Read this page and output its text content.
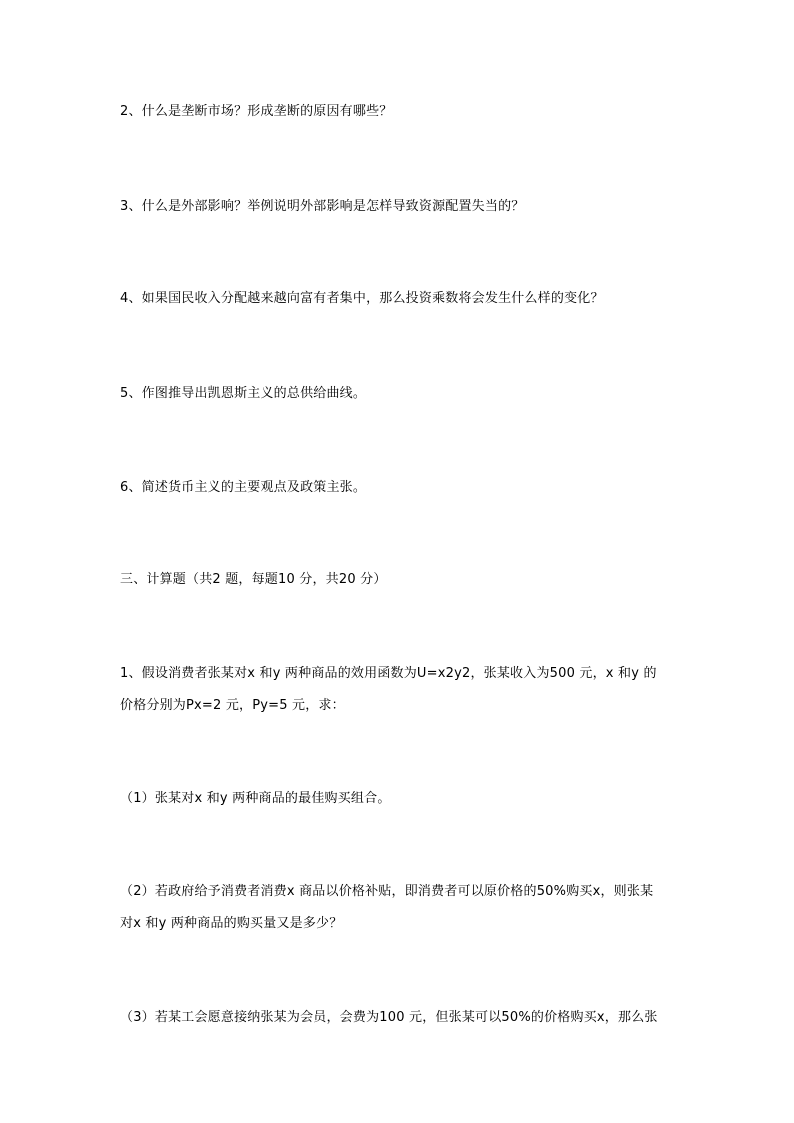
2、什么是垄断市场？形成垄断的原因有哪些？
3、什么是外部影响？举例说明外部影响是怎样导致资源配置失当的？
4、如果国民收入分配越来越向富有者集中，那么投资乘数将会发生什么样的变化？
5、作图推导出凯恩斯主义的总供给曲线。
6、简述货币主义的主要观点及政策主张。
三、计算题（共2 题，每题10 分，共20 分）
1、假设消费者张某对x 和y 两种商品的效用函数为U=x2y2，张某收入为500 元，x 和y 的
价格分别为Px=2 元，Py=5 元，求：
（1）张某对x 和y 两种商品的最佳购买组合。
（2）若政府给予消费者消费x 商品以价格补贴，即消费者可以原价格的50%购买x，则张某
对x 和y 两种商品的购买量又是多少？
（3）若某工会愿意接纳张某为会员，会费为100 元，但张某可以50%的价格购买x，那么张
